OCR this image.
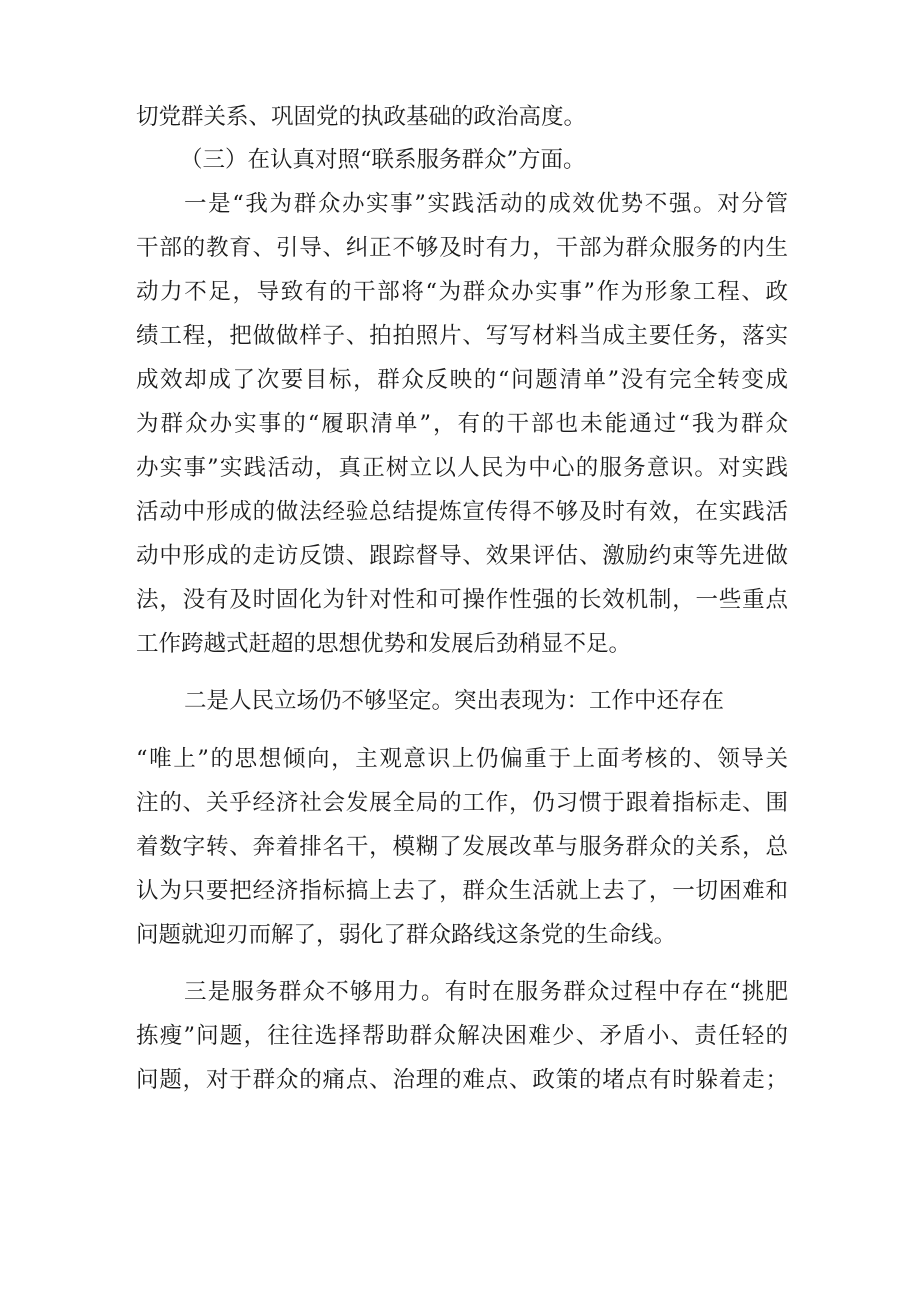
切党群关系、巩固党的执政基础的政治高度。
（三）在认真对照“联系服务群众”方面。
一是“我为群众办实事”实践活动的成效优势不强。对分管
干部的教育、引导、纠正不够及时有力，干部为群众服务的内生
动力不足，导致有的干部将“为群众办实事”作为形象工程、政
绩工程，把做做样子、拍拍照片、写写材料当成主要任务，落实
成效却成了次要目标，群众反映的“问题清单”没有完全转变成
为群众办实事的“履职清单”，有的干部也未能通过“我为群众
办实事”实践活动，真正树立以人民为中心的服务意识。对实践
活动中形成的做法经验总结提炼宣传得不够及时有效，在实践活
动中形成的走访反馈、跟踪督导、效果评估、激励约束等先进做
法，没有及时固化为针对性和可操作性强的长效机制，一些重点
工作跨越式赶超的思想优势和发展后劲稍显不足。
二是人民立场仍不够坚定。突出表现为：工作中还存在
“唯上”的思想倾向，主观意识上仍偏重于上面考核的、领导关
注的、关乎经济社会发展全局的工作，仍习惯于跟着指标走、围
着数字转、奔着排名干，模糊了发展改革与服务群众的关系，总
认为只要把经济指标搞上去了，群众生活就上去了，一切困难和
问题就迎刃而解了，弱化了群众路线这条党的生命线。
三是服务群众不够用力。有时在服务群众过程中存在“挑肥
拣瘦”问题，往往选择帮助群众解决困难少、矛盾小、责任轻的
问题，对于群众的痛点、治理的难点、政策的堵点有时躲着走；
